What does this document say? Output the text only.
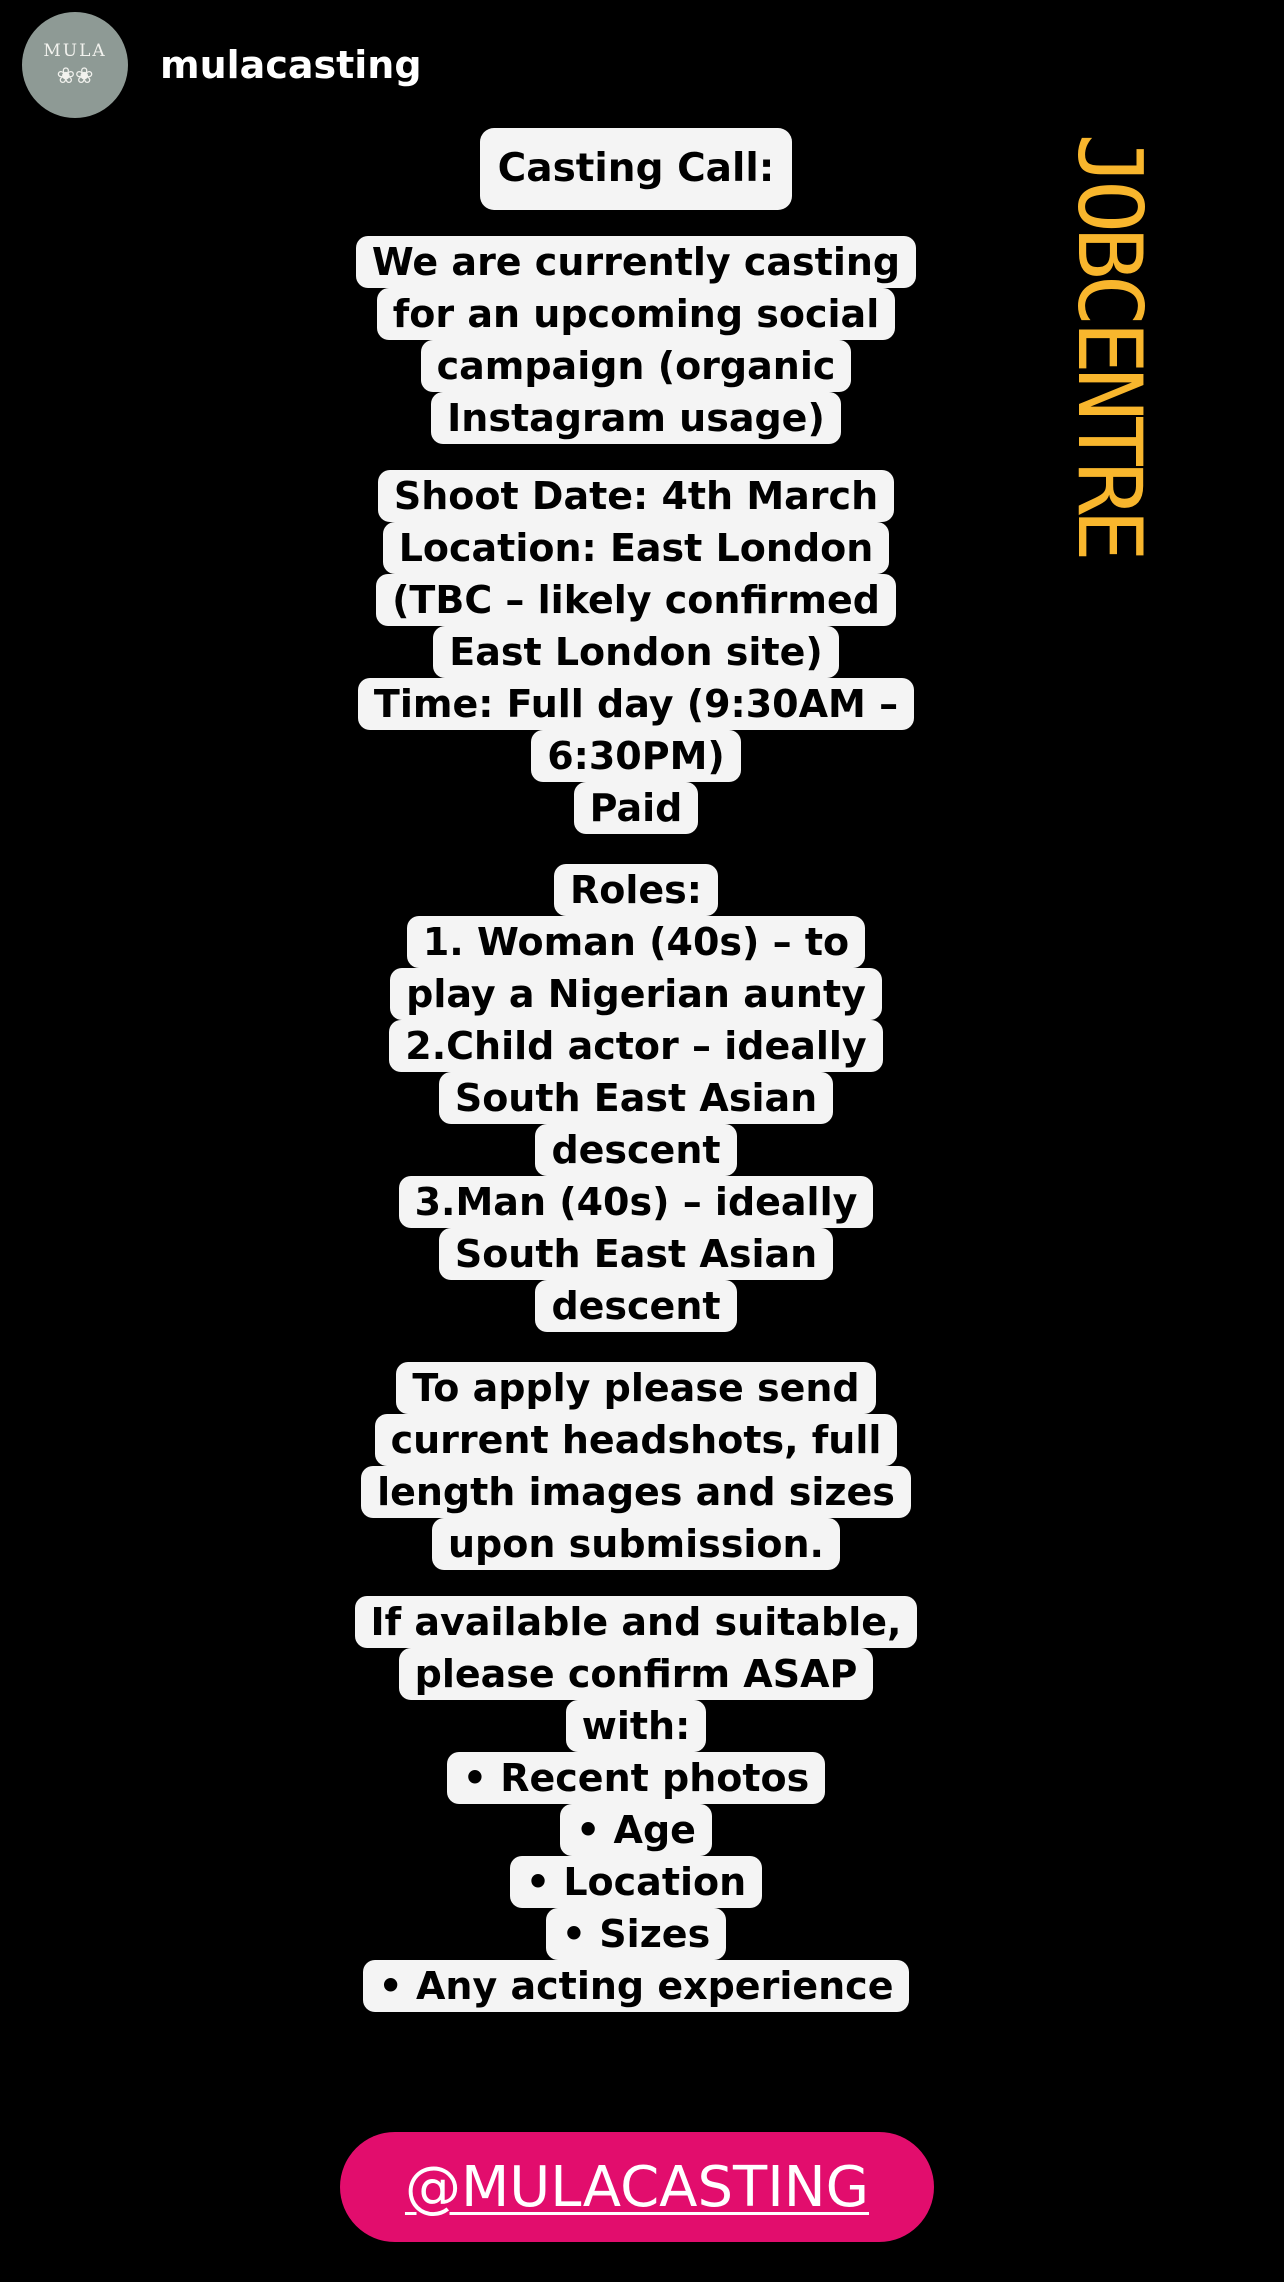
MULA
❀❀ mulacasting
JOBCENTRE
Casting Call:
We are currently casting
for an upcoming social
campaign (organic
Instagram usage)
Shoot Date: 4th March
Location: East London
(TBC – likely confirmed
East London site)
Time: Full day (9:30AM –
6:30PM)
Paid
Roles:
1. Woman (40s) – to
play a Nigerian aunty
2.Child actor – ideally
South East Asian
descent
3.Man (40s) – ideally
South East Asian
descent
To apply please send
current headshots, full
length images and sizes
upon submission.
If available and suitable,
please confirm ASAP
with:
• Recent photos
• Age
• Location
• Sizes
• Any acting experience
@MULACASTING
